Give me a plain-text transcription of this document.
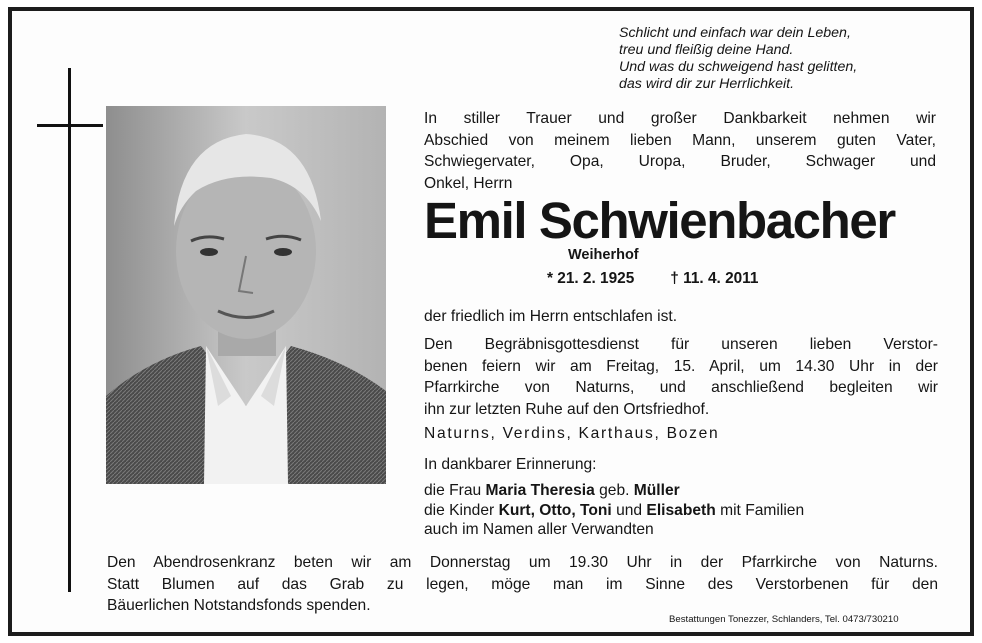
Schlicht und einfach war dein Leben,
treu und fleißig deine Hand.
Und was du schweigend hast gelitten,
das wird dir zur Herrlichkeit.
In stiller Trauer und großer Dankbarkeit nehmen wir
Abschied von meinem lieben Mann, unserem guten Vater,
Schwiegervater, Opa, Uropa, Bruder, Schwager und
Onkel, Herrn
Emil Schwienbacher
Weiherhof
* 21. 2. 1925 † 11. 4. 2011
der friedlich im Herrn entschlafen ist.
Den Begräbnisgottesdienst für unseren lieben Verstor-
benen feiern wir am Freitag, 15. April, um 14.30 Uhr in der
Pfarrkirche von Naturns, und anschließend begleiten wir
ihn zur letzten Ruhe auf den Ortsfriedhof.
Naturns, Verdins, Karthaus, Bozen
In dankbarer Erinnerung:
die Frau Maria Theresia geb. Müller
die Kinder Kurt, Otto, Toni und Elisabeth mit Familien
auch im Namen aller Verwandten
Den Abendrosenkranz beten wir am Donnerstag um 19.30 Uhr in der Pfarrkirche von Naturns.
Statt Blumen auf das Grab zu legen, möge man im Sinne des Verstorbenen für den
Bäuerlichen Notstandsfonds spenden.
Bestattungen Tonezzer, Schlanders, Tel. 0473/730210
